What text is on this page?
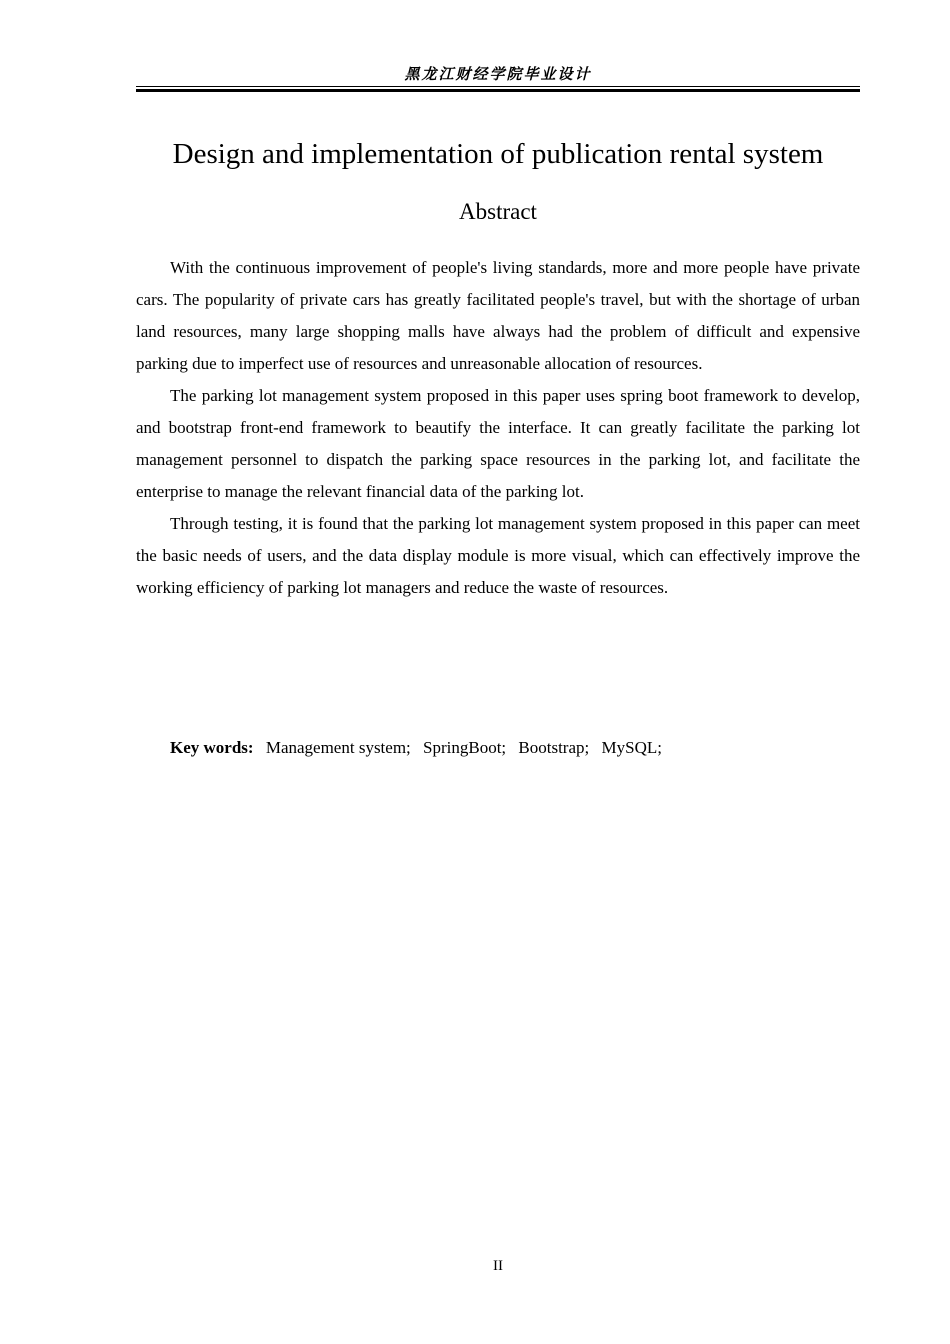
黑龙江财经学院毕业设计
Design and implementation of publication rental system
Abstract

With the continuous improvement of people's living standards, more and more people have private cars. The popularity of private cars has greatly facilitated people's travel, but with the shortage of urban land resources, many large shopping malls have always had the problem of difficult and expensive parking due to imperfect use of resources and unreasonable allocation of resources.

The parking lot management system proposed in this paper uses spring boot framework to develop, and bootstrap front-end framework to beautify the interface. It can greatly facilitate the parking lot management personnel to dispatch the parking space resources in the parking lot, and facilitate the enterprise to manage the relevant financial data of the parking lot.

Through testing, it is found that the parking lot management system proposed in this paper can meet the basic needs of users, and the data display module is more visual, which can effectively improve the working efficiency of parking lot managers and reduce the waste of resources.

Key words: Management system; SpringBoot; Bootstrap; MySQL;
II
